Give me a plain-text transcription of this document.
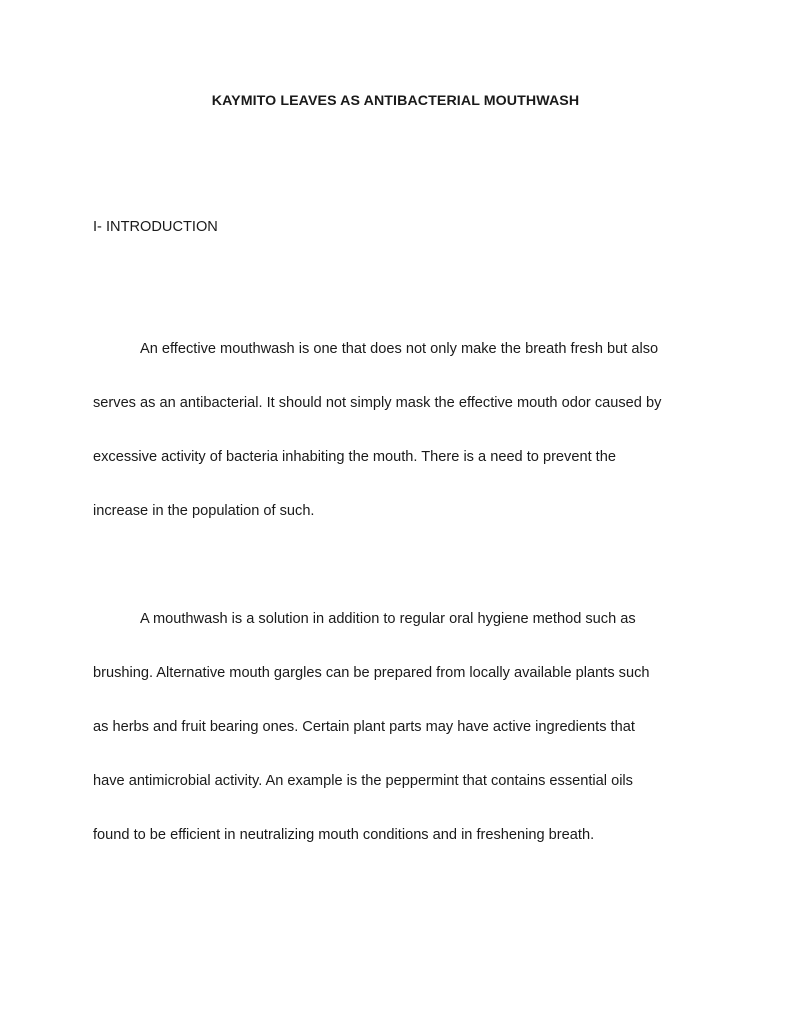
KAYMITO LEAVES AS ANTIBACTERIAL MOUTHWASH
I- INTRODUCTION
An effective mouthwash is one that does not only make the breath fresh but also
serves as an antibacterial. It should not simply mask the effective mouth odor caused by
excessive activity of bacteria inhabiting the mouth. There is a need to prevent the
increase in the population of such.
A mouthwash is a solution in addition to regular oral hygiene method such as
brushing. Alternative mouth gargles can be prepared from locally available plants such
as herbs and fruit bearing ones. Certain plant parts may have active ingredients that
have antimicrobial activity. An example is the peppermint that contains essential oils
found to be efficient in neutralizing mouth conditions and in freshening breath.
